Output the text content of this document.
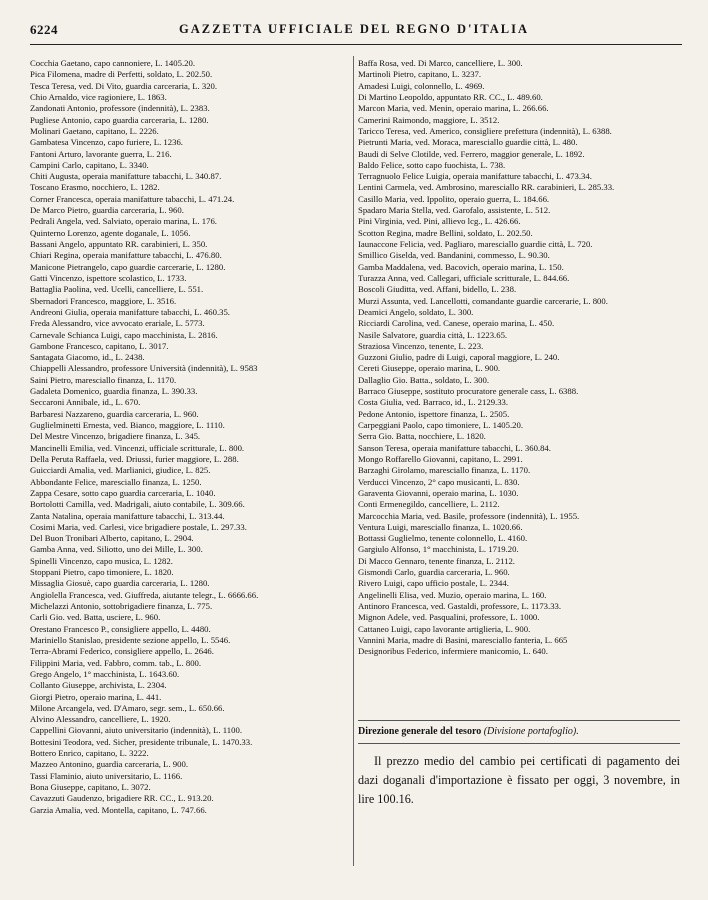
6224	GAZZETTA UFFICIALE DEL REGNO D'ITALIA
Cocchia Gaetano, capo cannoniere, L. 1405.20.
Pica Filomena, madre di Perfetti, soldato, L. 202.50.
Tesca Teresa, ved. Di Vito, guardia carceraria, L. 320.
Chio Arnaldo, vice ragioniere, L. 1863.
Zandonati Antonio, professore (indennità), L. 2383.
Pugliese Antonio, capo guardia carceraria, L. 1280.
Molinari Gaetano, capitano, L. 2226.
Gambatesa Vincenzo, capo furiere, L. 1236.
Fantoni Arturo, lavorante guerra, L. 216.
Campini Carlo, capitano, L. 3340.
Chiti Augusta, operaia manifatture tabacchi, L. 340.87.
Toscano Erasmo, nocchiero, L. 1282.
Corner Francesca, operaia manifatture tabacchi, L. 471.24.
De Marco Pietro, guardia carceraria, L. 960.
Pedrali Angela, ved. Salviato, operaio marina, L. 176.
Quinterno Lorenzo, agente doganale, L. 1056.
Bassani Angelo, appuntato RR. carabinieri, L. 350.
Chiari Regina, operaia manifatture tabacchi, L. 476.80.
Manicone Pietrangelo, capo guardie carcerarie, L. 1280.
Gatti Vincenzo, ispettore scolastico, L. 1733.
Battaglia Paolina, ved. Ucelli, cancelliere, L. 551.
Sbernadori Francesco, maggiore, L. 3516.
Andreoni Giulia, operaia manifatture tabacchi, L. 460.35.
Freda Alessandro, vice avvocato erariale, L. 5773.
Carnevale Schianca Luigi, capo macchinista, L. 2816.
Gambone Francesco, capitano, L. 3017.
Santagata Giacomo, id., L. 2438.
Chiappelli Alessandro, professore Università (indennità), L. 9583
Saini Pietro, maresciallo finanza, L. 1170.
Gadaleta Domenico, guardia finanza, L. 390.33.
Seccaroni Annibale, id., L. 670.
Barbaresi Nazzareno, guardia carceraria, L. 960.
Guglielminetti Ernesta, ved. Bianco, maggiore, L. 1110.
Del Mestre Vincenzo, brigadiere finanza, L. 345.
Mancinelli Emilia, ved. Vincenzi, ufficiale scritturale, L. 800.
Della Peruta Raffaela, ved. Driussi, furier maggiore, L. 288.
Guicciardi Amalia, ved. Marlianici, giudice, L. 825.
Abbondante Felice, maresciallo finanza, L. 1250.
Zappa Cesare, sotto capo guardia carceraria, L. 1040.
Bortolotti Camilla, ved. Madrigali, aiuto contabile, L. 309.66.
Zanta Natalina, operaia manifatture tabacchi, L. 313.44.
Cosimi Maria, ved. Carlesi, vice brigadiere postale, L. 297.33.
Del Buon Tronibari Alberto, capitano, L. 2904.
Gamba Anna, ved. Siliotto, uno dei Mille, L. 300.
Spinelli Vincenzo, capo musica, L. 1282.
Stoppani Pietro, capo timoniere, L. 1820.
Missaglia Giosuè, capo guardia carceraria, L. 1280.
Angiolella Francesca, ved. Giuffreda, aiutante telegr., L. 6666.66.
Michelazzi Antonio, sottobrigadiere finanza, L. 775.
Carli Gio. ved. Batta, usciere, L. 960.
Orestano Francesco P., consigliere appello, L. 4480.
Mariniello Stanislao, presidente sezione appello, L. 5546.
Terra-Abrami Federico, consigliere appello, L. 2646.
Filippini Maria, ved. Fabbro, comm. tab., L. 800.
Grego Angelo, 1° macchinista, L. 1643.60.
Collanto Giuseppe, archivista, L. 2304.
Giorgi Pietro, operaio marina, L. 441.
Milone Arcangela, ved. D'Amaro, segr. sem., L. 650.66.
Alvino Alessandro, cancelliere, L. 1920.
Cappellini Giovanni, aiuto universitario (indennità), L. 1100.
Bottesini Teodora, ved. Sicher, presidente tribunale, L. 1470.33.
Bottero Enrico, capitano, L. 3222.
Mazzeo Antonino, guardia carceraria, L. 900.
Tassi Flaminio, aiuto universitario, L. 1166.
Bona Giuseppe, capitano, L. 3072.
Cavazzuti Gaudenzo, brigadiere RR. CC., L. 913.20.
Garzia Amalia, ved. Montella, capitano, L. 747.66.
Baffa Rosa, ved. Di Marco, cancelliere, L. 300.
Martinoli Pietro, capitano, L. 3237.
Amadesi Luigi, colonnello, L. 4969.
Di Martino Leopoldo, appuntato RR. CC., L. 489.60.
Marcon Maria, ved. Menin, operaio marina, L. 266.66.
Camerini Raimondo, maggiore, L. 3512.
Taricco Teresa, ved. Americo, consigliere prefettura (indennità), L. 6388.
Pietrunti Maria, ved. Moraca, maresciallo guardie città, L. 480.
Baudi di Selve Clotilde, ved. Ferrero, maggior generale, L. 1892.
Baldo Felice, sotto capo fuochista, L. 738.
Terragnuolo Felice Luigia, operaia manifatture tabacchi, L. 473.34.
Lentini Carmela, ved. Ambrosino, maresciallo RR. carabinieri, L. 285.33.
Casillo Maria, ved. Ippolito, operaio guerra, L. 184.66.
Spadaro Maria Stella, ved. Garofalo, assistente, L. 512.
Pini Virginia, ved. Pini, allievo lcg., L. 426.66.
Scotton Regina, madre Bellini, soldato, L. 202.50.
Iaunaccone Felicia, ved. Pagliaro, maresciallo guardie città, L. 720.
Smillico Giselda, ved. Bandanini, commesso, L. 90.30.
Gamba Maddalena, ved. Bacovich, operaio marina, L. 150.
Turazza Anna, ved. Callegari, ufficiale scritturale, L. 844.66.
Boscoli Giuditta, ved. Affani, bidello, L. 238.
Murzi Assunta, ved. Lancellotti, comandante guardie carcerarie, L. 800.
Deamici Angelo, soldato, L. 300.
Ricciardi Carolina, ved. Canese, operaio marina, L. 450.
Nasile Salvatore, guardia città, L. 1223.65.
Straziosa Vincenzo, tenente, L. 223.
Guzzoni Giulio, padre di Luigi, caporal maggiore, L. 240.
Cereti Giuseppe, operaio marina, L. 900.
Dallaglio Gio. Batta., soldato, L. 300.
Barraco Giuseppe, sostituto procuratore generale cass, L. 6388.
Costa Giulia, ved. Barraco, id., L. 2129.33.
Pedone Antonio, ispettore finanza, L. 2505.
Carpeggiani Paolo, capo timoniere, L. 1405.20.
Serra Gio. Batta, nocchiere, L. 1820.
Sanson Teresa, operaia manifatture tabacchi, L. 360.84.
Mongo Roffarello Giovanni, capitano, L. 2991.
Barzaghi Girolamo, maresciallo finanza, L. 1170.
Verducci Vincenzo, 2° capo musicanti, L. 830.
Garaventa Giovanni, operaio marina, L. 1030.
Conti Ermenegildo, cancelliere, L. 2112.
Marcocchia Maria, ved. Basile, professore (indennità), L. 1955.
Ventura Luigi, maresciallo finanza, L. 1020.66.
Bottassi Guglielmo, tenente colonnello, L. 4160.
Gargiulo Alfonso, 1° macchinista, L. 1719.20.
Di Macco Gennaro, tenente finanza, L. 2112.
Gismondi Carlo, guardia carceraria, L. 960.
Rivero Luigi, capo ufficio postale, L. 2344.
Angelinelli Elisa, ved. Muzio, operaio marina, L. 160.
Antinoro Francesca, ved. Gastaldi, professore, L. 1173.33.
Mignon Adele, ved. Pasqualini, professore, L. 1000.
Cattaneo Luigi, capo lavorante artiglieria, L. 900.
Vannini Maria, madre di Basini, maresciallo fanteria, L. 665
Designoribus Federico, infermiere manicomio, L. 640.
Direzione generale del tesoro (Divisione portafoglio).

Il prezzo medio del cambio pei certificati di pagamento dei dazi doganali d'importazione è fissato per oggi, 3 novembre, in lire 100.16.
